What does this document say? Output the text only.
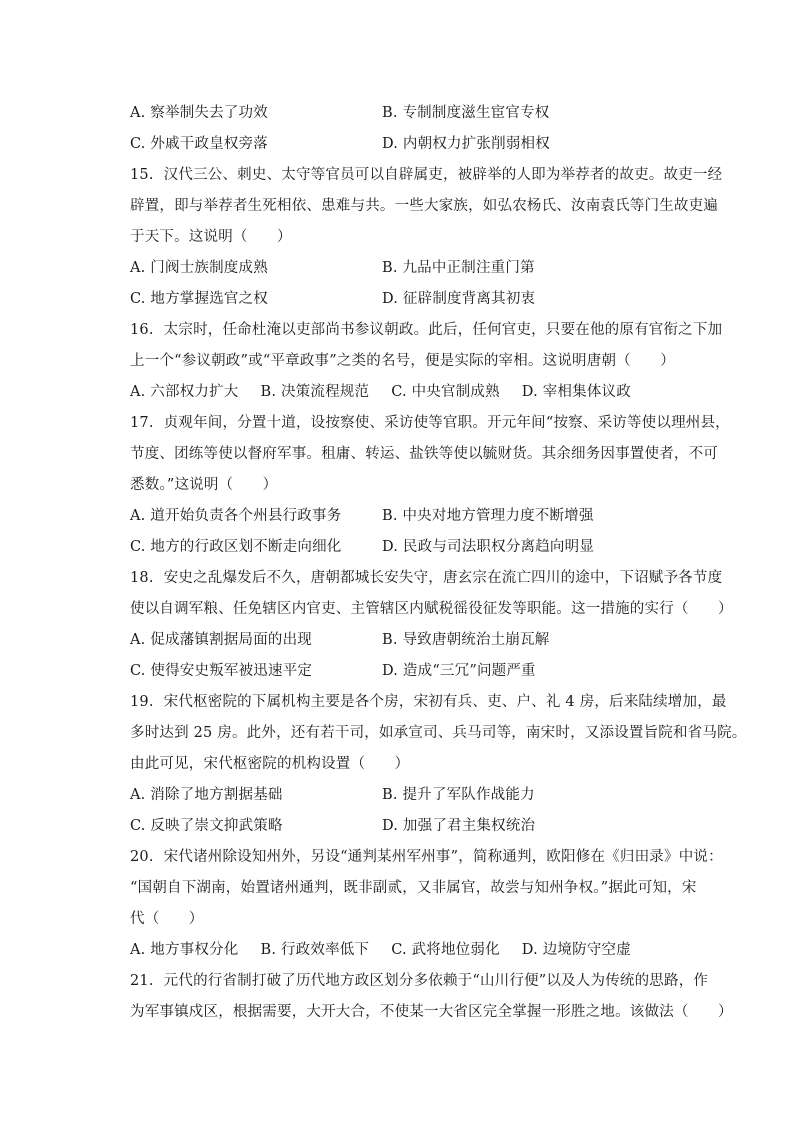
A. 察举制失去了功效	B. 专制制度滋生宦官专权
C. 外戚干政皇权旁落	D. 内朝权力扩张削弱相权
15. 汉代三公、刺史、太守等官员可以自辟属吏，被辟举的人即为举荐者的故吏。故吏一经
辟置，即与举荐者生死相依、患难与共。一些大家族，如弘农杨氏、汝南袁氏等门生故吏遍
于天下。这说明（　　）
A. 门阀士族制度成熟	B. 九品中正制注重门第
C. 地方掌握选官之权	D. 征辟制度背离其初衷
16. 太宗时，任命杜淹以吏部尚书参议朝政。此后，任何官吏，只要在他的原有官衔之下加
上一个“参议朝政”或“平章政事”之类的名号，便是实际的宰相。这说明唐朝（　　）
A. 六部权力扩大 B. 决策流程规范 C. 中央官制成熟 D. 宰相集体议政
17. 贞观年间，分置十道，设按察使、采访使等官职。开元年间“按察、采访等使以理州县，
节度、团练等使以督府军事。租庸、转运、盐铁等使以毓财货。其余细务因事置使者，不可
悉数。”这说明（　　）
A. 道开始负责各个州县行政事务	B. 中央对地方管理力度不断增强
C. 地方的行政区划不断走向细化	D. 民政与司法职权分离趋向明显
18. 安史之乱爆发后不久，唐朝都城长安失守，唐玄宗在流亡四川的途中，下诏赋予各节度
使以自调军粮、任免辖区内官吏、主管辖区内赋税徭役征发等职能。这一措施的实行（　　）
A. 促成藩镇割据局面的出现	B. 导致唐朝统治土崩瓦解
C. 使得安史叛军被迅速平定	D. 造成“三冗”问题严重
19. 宋代枢密院的下属机构主要是各个房，宋初有兵、吏、户、礼 4 房，后来陆续增加，最
多时达到 25 房。此外，还有若干司，如承宣司、兵马司等，南宋时，又添设置旨院和省马院。
由此可见，宋代枢密院的机构设置（　　）
A. 消除了地方割据基础	B. 提升了军队作战能力
C. 反映了崇文抑武策略	D. 加强了君主集权统治
20. 宋代诸州除设知州外，另设“通判某州军州事”，简称通判，欧阳修在《归田录》中说：
“国朝自下湖南，始置诸州通判，既非副贰，又非属官，故尝与知州争权。”据此可知，宋
代（　　）
A. 地方事权分化 B. 行政效率低下 C. 武将地位弱化 D. 边境防守空虚
21. 元代的行省制打破了历代地方政区划分多依赖于“山川行便”以及人为传统的思路，作
为军事镇戍区，根据需要，大开大合，不使某一大省区完全掌握一形胜之地。该做法（　　）
